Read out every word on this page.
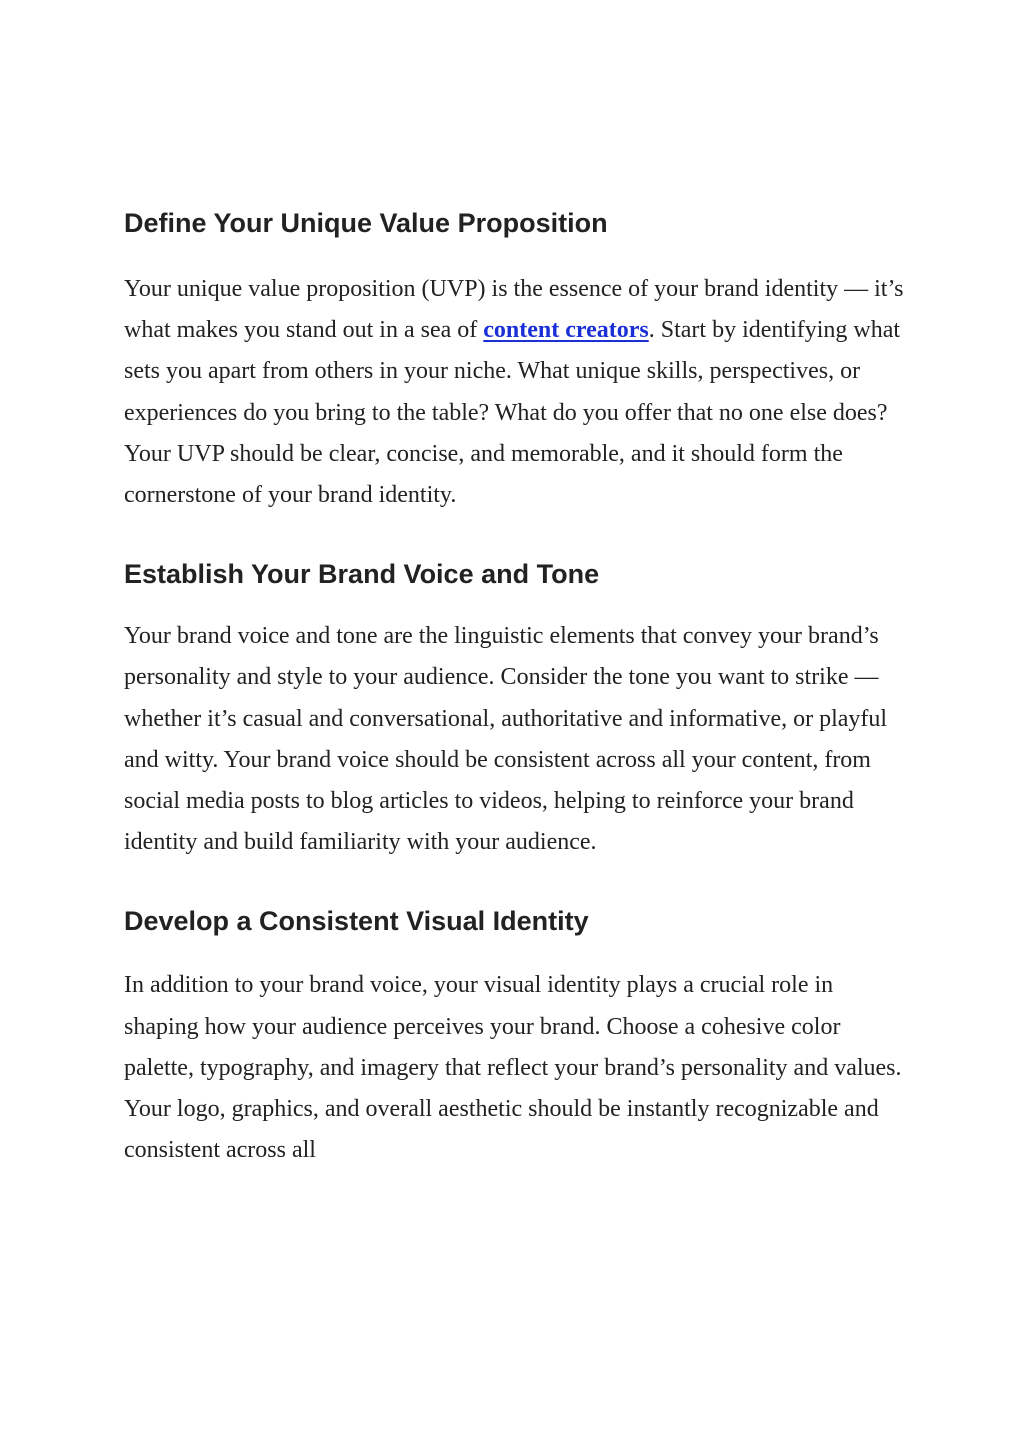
Define Your Unique Value Proposition

Your unique value proposition (UVP) is the essence of your brand identity — it’s what makes you stand out in a sea of content creators. Start by identifying what sets you apart from others in your niche. What unique skills, perspectives, or experiences do you bring to the table? What do you offer that no one else does? Your UVP should be clear, concise, and memorable, and it should form the cornerstone of your brand identity.

Establish Your Brand Voice and Tone

Your brand voice and tone are the linguistic elements that convey your brand’s personality and style to your audience. Consider the tone you want to strike — whether it’s casual and conversational, authoritative and informative, or playful and witty. Your brand voice should be consistent across all your content, from social media posts to blog articles to videos, helping to reinforce your brand identity and build familiarity with your audience.

Develop a Consistent Visual Identity

In addition to your brand voice, your visual identity plays a crucial role in shaping how your audience perceives your brand. Choose a cohesive color palette, typography, and imagery that reflect your brand’s personality and values. Your logo, graphics, and overall aesthetic should be instantly recognizable and consistent across all
